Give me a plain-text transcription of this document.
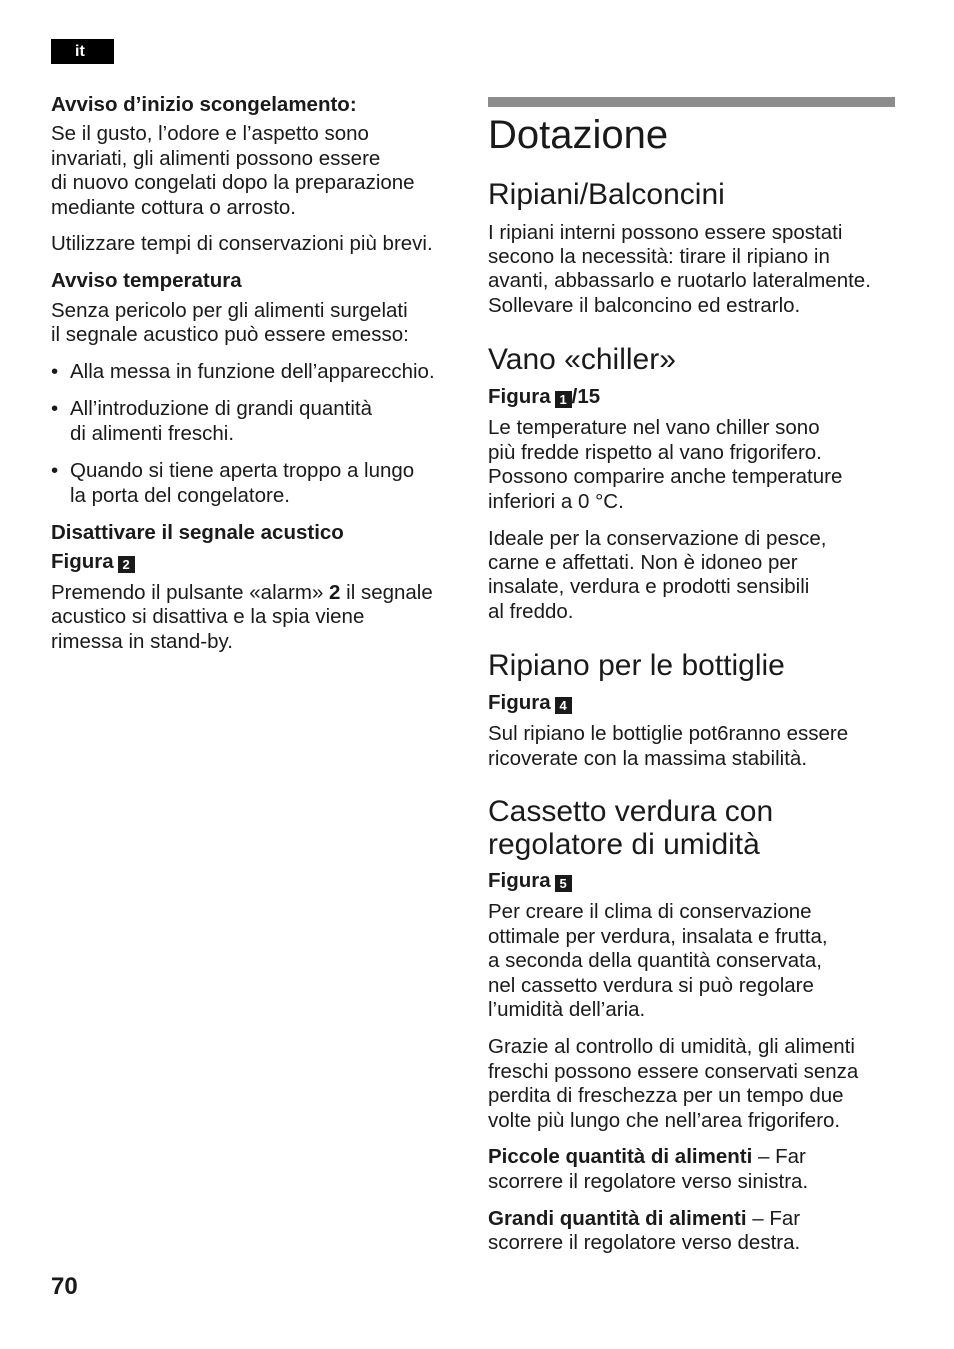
it

Avviso d’inizio scongelamento:

Se il gusto, l’odore e l’aspetto sono

invariati, gli alimenti possono essere

di nuovo congelati dopo la preparazione

mediante cottura o arrosto.

Utilizzare tempi di conservazioni più brevi.

Avviso temperatura

Senza pericolo per gli alimenti surgelati

il segnale acustico può essere emesso:

• Alla messa in funzione dell’apparecchio.
• All’introduzione di grandi quantità
di alimenti freschi.
• Quando si tiene aperta troppo a lungo
la porta del congelatore.

Disattivare il segnale acustico

Figura 2

Premendo il pulsante «alarm» 2 il segnale

acustico si disattiva e la spia viene

rimessa in stand-by.

Dotazione
Ripiani/Balconcini

I ripiani interni possono essere spostati

secono la necessità: tirare il ripiano in

avanti, abbassarlo e ruotarlo lateralmente.

Sollevare il balconcino ed estrarlo.

Vano «chiller»

Figura 1 /15

Le temperature nel vano chiller sono

più fredde rispetto al vano frigorifero.

Possono comparire anche temperature

inferiori a 0 °C.

Ideale per la conservazione di pesce,

carne e affettati. Non è idoneo per

insalate, verdura e prodotti sensibili

al freddo.

Ripiano per le bottiglie

Figura 4

Sul ripiano le bottiglie pot6ranno essere

ricoverate con la massima stabilità.

Cassetto verdura con
regolatore di umidità

Figura 5

Per creare il clima di conservazione

ottimale per verdura, insalata e frutta,

a seconda della quantità conservata,

nel cassetto verdura si può regolare

l’umidità dell’aria.

Grazie al controllo di umidità, gli alimenti

freschi possono essere conservati senza

perdita di freschezza per un tempo due

volte più lungo che nell’area frigorifero.

Piccole quantità di alimenti – Far

scorrere il regolatore verso sinistra.

Grandi quantità di alimenti – Far

scorrere il regolatore verso destra.

70
